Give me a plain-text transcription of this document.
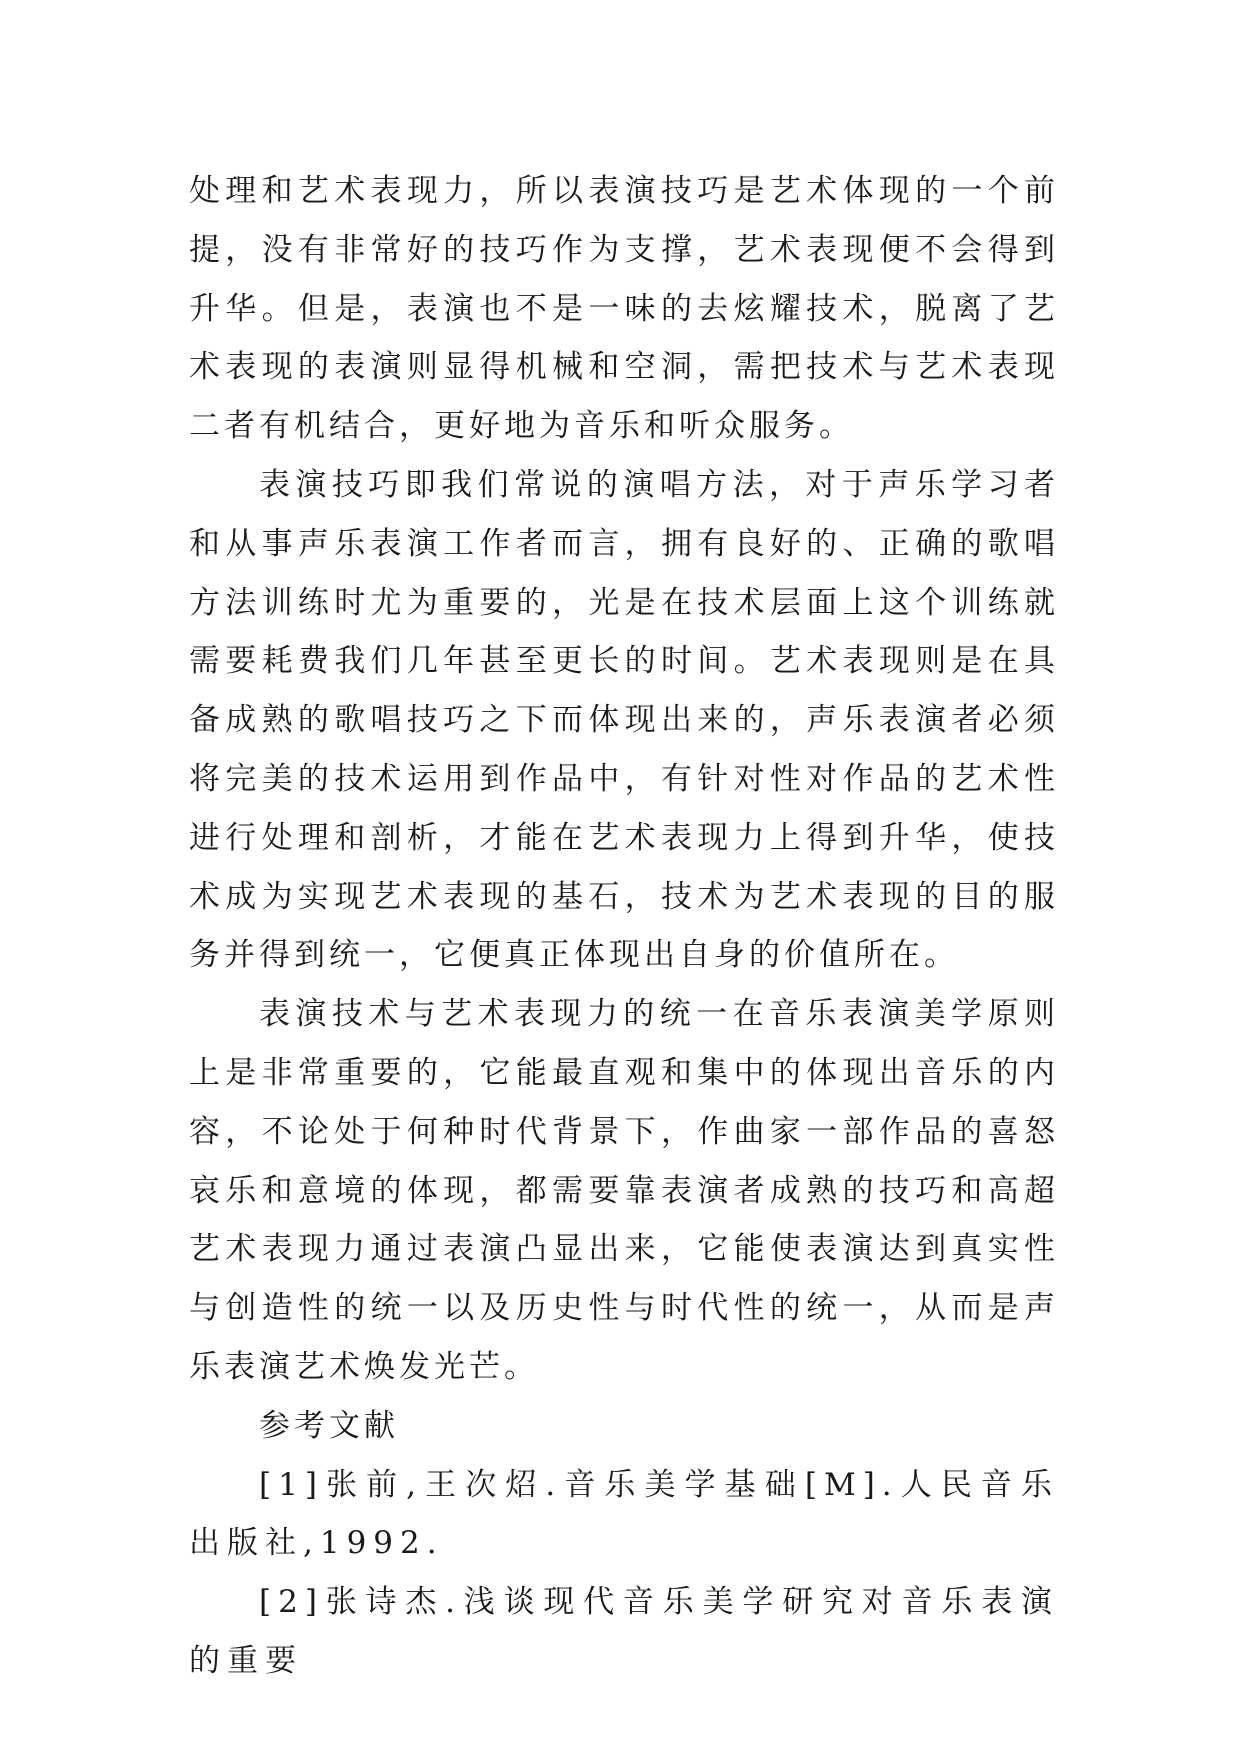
处理和艺术表现力，所以表演技巧是艺术体现的一个前提，没有非常好的技巧作为支撑，艺术表现便不会得到升华。但是，表演也不是一味的去炫耀技术，脱离了艺术表现的表演则显得机械和空洞，需把技术与艺术表现二者有机结合，更好地为音乐和听众服务。

表演技巧即我们常说的演唱方法，对于声乐学习者和从事声乐表演工作者而言，拥有良好的、正确的歌唱方法训练时尤为重要的，光是在技术层面上这个训练就需要耗费我们几年甚至更长的时间。艺术表现则是在具备成熟的歌唱技巧之下而体现出来的，声乐表演者必须将完美的技术运用到作品中，有针对性对作品的艺术性进行处理和剖析，才能在艺术表现力上得到升华，使技术成为实现艺术表现的基石，技术为艺术表现的目的服务并得到统一，它便真正体现出自身的价值所在。

表演技术与艺术表现力的统一在音乐表演美学原则上是非常重要的，它能最直观和集中的体现出音乐的内容，不论处于何种时代背景下，作曲家一部作品的喜怒哀乐和意境的体现，都需要靠表演者成熟的技巧和高超艺术表现力通过表演凸显出来，它能使表演达到真实性与创造性的统一以及历史性与时代性的统一，从而是声乐表演艺术焕发光芒。

参考文献

[1]张前,王次炤.音乐美学基础[M].人民音乐出版社,1992.

[2]张诗杰.浅谈现代音乐美学研究对音乐表演的重要
